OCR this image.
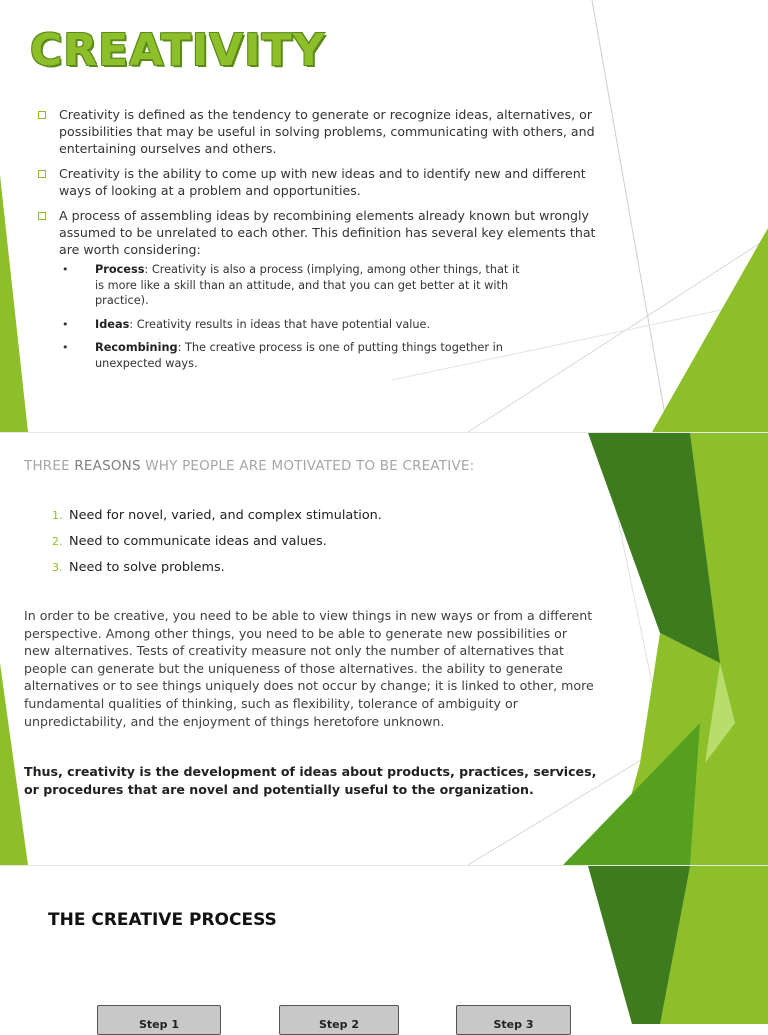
CREATIVITY
Creativity is defined as the tendency to generate or recognize ideas, alternatives, or possibilities that may be useful in solving problems, communicating with others, and entertaining ourselves and others.
Creativity is the ability to come up with new ideas and to identify new and different ways of looking at a problem and opportunities.
A process of assembling ideas by recombining elements already known but wrongly assumed to be unrelated to each other. This definition has several key elements that are worth considering:
• Process: Creativity is also a process (implying, among other things, that it is more like a skill than an attitude, and that you can get better at it with practice).
• Ideas: Creativity results in ideas that have potential value.
• Recombining: The creative process is one of putting things together in unexpected ways.
THREE REASONS WHY PEOPLE ARE MOTIVATED TO BE CREATIVE:
1. Need for novel, varied, and complex stimulation.
2. Need to communicate ideas and values.
3. Need to solve problems.

In order to be creative, you need to be able to view things in new ways or from a different perspective. Among other things, you need to be able to generate new possibilities or new alternatives. Tests of creativity measure not only the number of alternatives that people can generate but the uniqueness of those alternatives. the ability to generate alternatives or to see things uniquely does not occur by change; it is linked to other, more fundamental qualities of thinking, such as flexibility, tolerance of ambiguity or unpredictability, and the enjoyment of things heretofore unknown.

Thus, creativity is the development of ideas about products, practices, services, or procedures that are novel and potentially useful to the organization.

THE CREATIVE PROCESS
Step 1	Step 2	Step 3
